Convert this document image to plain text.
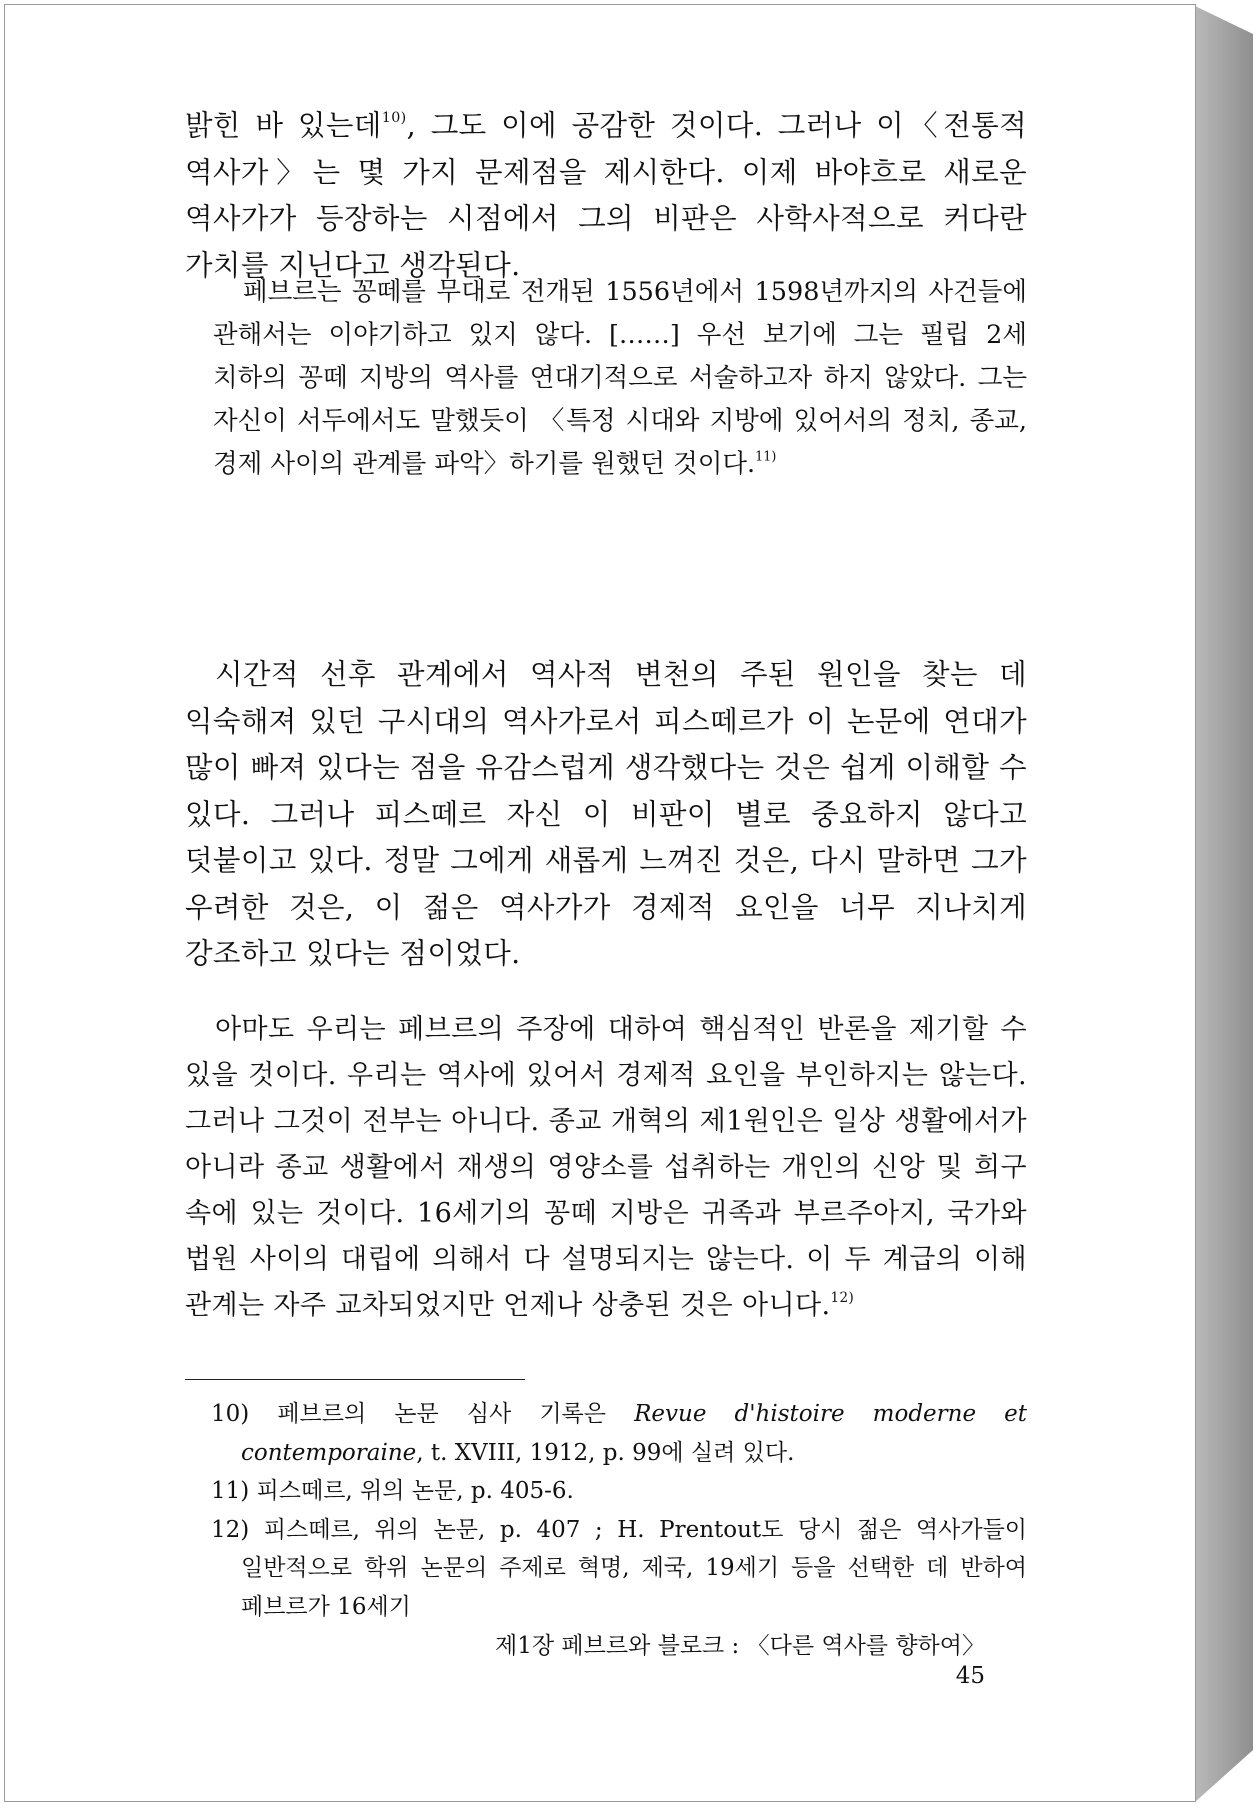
밝힌 바 있는데$^{10)}$, 그도 이에 공감한 것이다. 그러나 이〈전통적 역사가〉는 몇 가지 문제점을 제시한다. 이제 바야흐로 새로운 역사가가 등장하는 시점에서 그의 비판은 사학사적으로 커다란 가치를 지닌다고 생각된다.

페브르는 꽁떼를 무대로 전개된 1556년에서 1598년까지의 사건들에 관해서는 이야기하고 있지 않다. [……] 우선 보기에 그는 필립 2세 치하의 꽁떼 지방의 역사를 연대기적으로 서술하고자 하지 않았다. 그는 자신이 서두에서도 말했듯이 〈특정 시대와 지방에 있어서의 정치, 종교, 경제 사이의 관계를 파악〉하기를 원했던 것이다.$^{11)}$

시간적 선후 관계에서 역사적 변천의 주된 원인을 찾는 데 익숙해져 있던 구시대의 역사가로서 피스떼르가 이 논문에 연대가 많이 빠져 있다는 점을 유감스럽게 생각했다는 것은 쉽게 이해할 수 있다. 그러나 피스떼르 자신 이 비판이 별로 중요하지 않다고 덧붙이고 있다. 정말 그에게 새롭게 느껴진 것은, 다시 말하면 그가 우려한 것은, 이 젊은 역사가가 경제적 요인을 너무 지나치게 강조하고 있다는 점이었다.

아마도 우리는 페브르의 주장에 대하여 핵심적인 반론을 제기할 수 있을 것이다. 우리는 역사에 있어서 경제적 요인을 부인하지는 않는다. 그러나 그것이 전부는 아니다. 종교 개혁의 제1원인은 일상 생활에서가 아니라 종교 생활에서 재생의 영양소를 섭취하는 개인의 신앙 및 희구 속에 있는 것이다. 16세기의 꽁떼 지방은 귀족과 부르주아지, 국가와 법원 사이의 대립에 의해서 다 설명되지는 않는다. 이 두 계급의 이해 관계는 자주 교차되었지만 언제나 상충된 것은 아니다.$^{12)}$

10) 페브르의 논문 심사 기록은 Revue d'histoire moderne et contemporaine, t. XVIII, 1912, p. 99에 실려 있다.

11) 피스떼르, 위의 논문, p. 405-6.

12) 피스떼르, 위의 논문, p. 407 ; H. Prentout도 당시 젊은 역사가들이 일반적으로 학위 논문의 주제로 혁명, 제국, 19세기 등을 선택한 데 반하여 페브르가 16세기

제1장 페브르와 블로크 : 〈다른 역사를 향하여〉45
